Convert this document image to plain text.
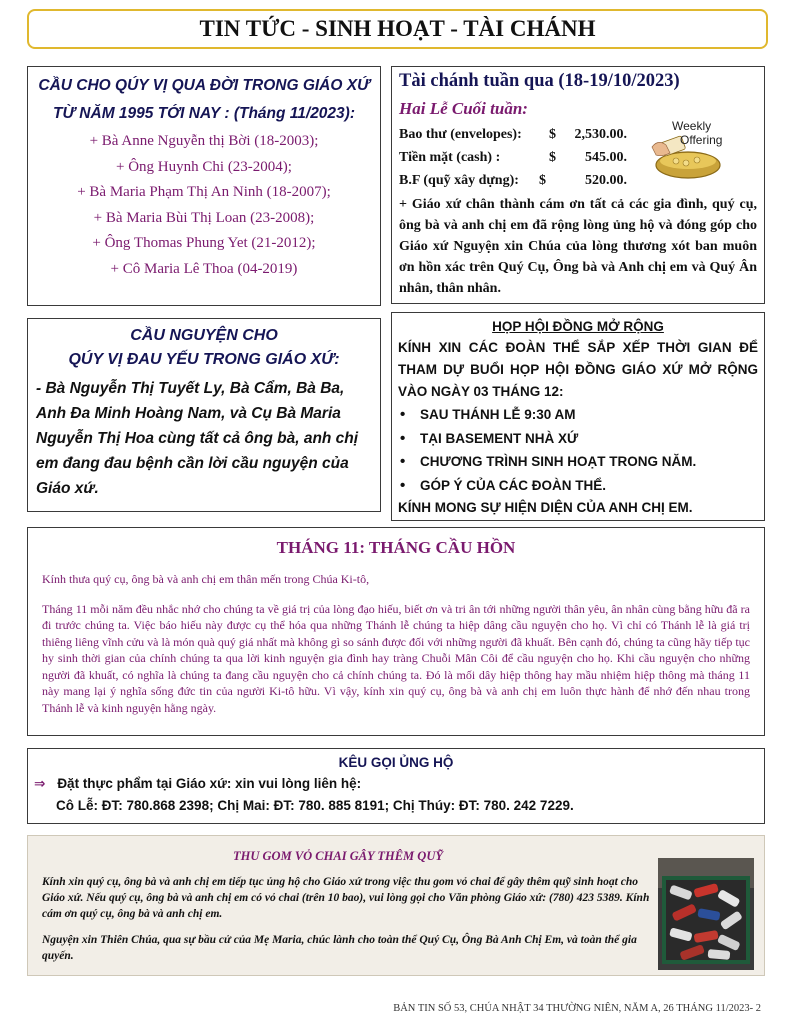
TIN TỨC - SINH HOẠT - TÀI CHÁNH
CẦU CHO QÚY VỊ QUA ĐỜI TRONG GIÁO XỨ
TỪ NĂM 1995 TỚI NAY : (Tháng 11/2023):
+ Bà Anne Nguyễn thị Bời (18-2003);
+ Ông Huynh Chi (23-2004);
+ Bà Maria Phạm Thị An Ninh (18-2007);
+ Bà Maria Bùi Thị Loan (23-2008);
+ Ông Thomas Phung Yet (21-2012);
+ Cô Maria Lê Thoa (04-2019)
Tài chánh tuần qua (18-19/10/2023)
Hai Lễ Cuối tuần:
Bao thư (envelopes): $	2,530.00.
Tiền mặt (cash) :	$	545.00.
B.F (quỹ xây dựng): $	520.00.
+ Giáo xứ chân thành cám ơn tất cả các gia đình, quý cụ, ông bà và anh chị em đã rộng lòng ủng hộ và đóng góp cho Giáo xứ Nguyện xin Chúa của lòng thương xót ban muôn ơn hồn xác trên Quý Cụ, Ông bà và Anh chị em và Quý Ân nhân, thân nhân.
Weekly
Offering
CẦU NGUYỆN CHO
QÚY VỊ ĐAU YẾU TRONG GIÁO XỨ:
- Bà Nguyễn Thị Tuyết Ly, Bà Cẩm, Bà Ba, Anh Đa Minh Hoàng Nam, và Cụ Bà Maria Nguyễn Thị Hoa cùng tất cả ông bà, anh chị em đang đau bệnh cần lời cầu nguyện của Giáo xứ.
HỌP HỘI ĐỒNG MỞ RỘNG
KÍNH XIN CÁC ĐOÀN THỂ SẮP XẾP THỜI GIAN ĐỂ THAM DỰ BUỔI HỌP HỘI ĐỒNG GIÁO XỨ MỞ RỘNG VÀO NGÀY 03 THÁNG 12:
• SAU THÁNH LỄ 9:30 AM
• TẠI BASEMENT NHÀ XỨ
• CHƯƠNG TRÌNH SINH HOẠT TRONG NĂM.
• GÓP Ý CỦA CÁC ĐOÀN THỂ.
KÍNH MONG SỰ HIỆN DIỆN CỦA ANH CHỊ EM.
THÁNG 11: THÁNG CẦU HỒN
Kính thưa quý cụ, ông bà và anh chị em thân mến trong Chúa Ki-tô,
Tháng 11 mỗi năm đều nhắc nhớ cho chúng ta về giá trị của lòng đạo hiếu, biết ơn và tri ân tới những người thân yêu, ân nhân cùng bằng hữu đã ra đi trước chúng ta. Việc báo hiếu này được cụ thể hóa qua những Thánh lễ chúng ta hiệp dâng cầu nguyện cho họ. Vì chỉ có Thánh lễ là giá trị thiêng liêng vĩnh cửu và là món quà quý giá nhất mà không gì so sánh được đối với những người đã khuất. Bên cạnh đó, chúng ta cũng hãy tiếp tục hy sinh thời gian của chính chúng ta qua lời kinh nguyện gia đình hay tràng Chuỗi Mân Côi để cầu nguyện cho họ. Khi cầu nguyện cho những người đã khuất, có nghĩa là chúng ta đang cầu nguyện cho cả chính chúng ta. Đó là mối dây hiệp thông hay mầu nhiệm hiệp thông mà tháng 11 này mang lại ý nghĩa sống đức tin của người Ki-tô hữu. Vì vậy, kính xin quý cụ, ông bà và anh chị em luôn thực hành để nhớ đến nhau trong Thánh lễ và kinh nguyện hằng ngày.
KÊU GỌI ỦNG HỘ
⇒ Đặt thực phẩm tại Giáo xứ: xin vui lòng liên hệ:
Cô Lễ: ĐT: 780.868 2398; Chị Mai: ĐT: 780. 885 8191; Chị Thúy: ĐT: 780. 242 7229.
THU GOM VỎ CHAI GÂY THÊM QUỸ
Kính xin quý cụ, ông bà và anh chị em tiếp tục ủng hộ cho Giáo xứ trong việc thu gom vỏ chai để gây thêm quỹ sinh hoạt cho Giáo xứ. Nếu quý cụ, ông bà và anh chị em có vỏ chai (trên 10 bao), vui lòng gọi cho Văn phòng Giáo xứ: (780) 423 5389. Kính cám ơn quý cụ, ông bà và anh chị em.
Nguyện xin Thiên Chúa, qua sự bầu cử của Mẹ Maria, chúc lành cho toàn thể Quý Cụ, Ông Bà Anh Chị Em, và toàn thể gia quyến.
BẢN TIN SỐ 53, CHÚA NHẬT 34 THƯỜNG NIÊN, NĂM A, 26 THÁNG 11/2023- 2
